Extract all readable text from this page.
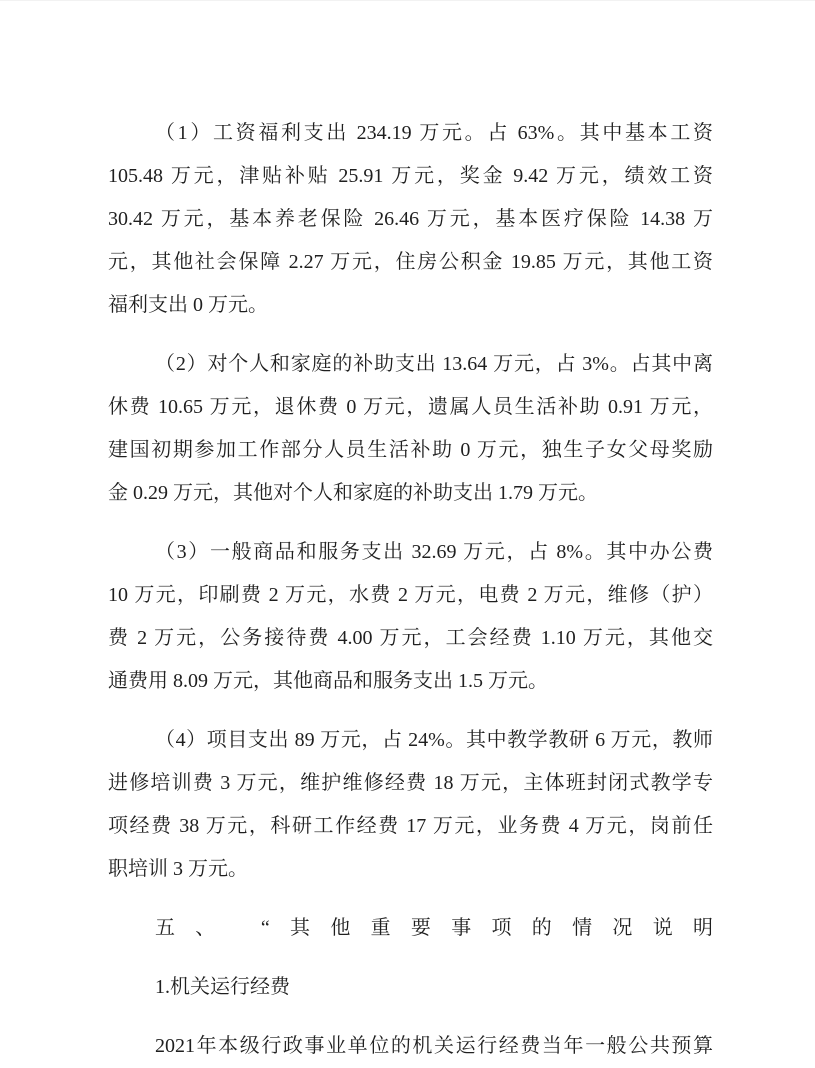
（1）工资福利支出 234.19 万元。占 63%。其中基本工资
105.48 万元，津贴补贴 25.91 万元，奖金 9.42 万元，绩效工资
30.42 万元，基本养老保险 26.46 万元，基本医疗保险 14.38 万
元，其他社会保障 2.27 万元，住房公积金 19.85 万元，其他工资
福利支出 0 万元。

（2）对个人和家庭的补助支出 13.64 万元，占 3%。占其中离
休费 10.65 万元，退休费 0 万元，遗属人员生活补助 0.91 万元，
建国初期参加工作部分人员生活补助 0 万元，独生子女父母奖励
金 0.29 万元，其他对个人和家庭的补助支出 1.79 万元。

（3）一般商品和服务支出 32.69 万元，占 8%。其中办公费
10 万元，印刷费 2 万元，水费 2 万元，电费 2 万元，维修（护）
费 2 万元，公务接待费 4.00 万元，工会经费 1.10 万元，其他交
通费用 8.09 万元，其他商品和服务支出 1.5 万元。

（4）项目支出 89 万元，占 24%。其中教学教研 6 万元，教师
进修培训费 3 万元，维护维修经费 18 万元，主体班封闭式教学专
项经费 38 万元，科研工作经费 17 万元，业务费 4 万元，岗前任
职培训 3 万元。

五、 “其他重要事项的情况说明

1.机关运行经费

2021年本级行政事业单位的机关运行经费当年一般公共预算
